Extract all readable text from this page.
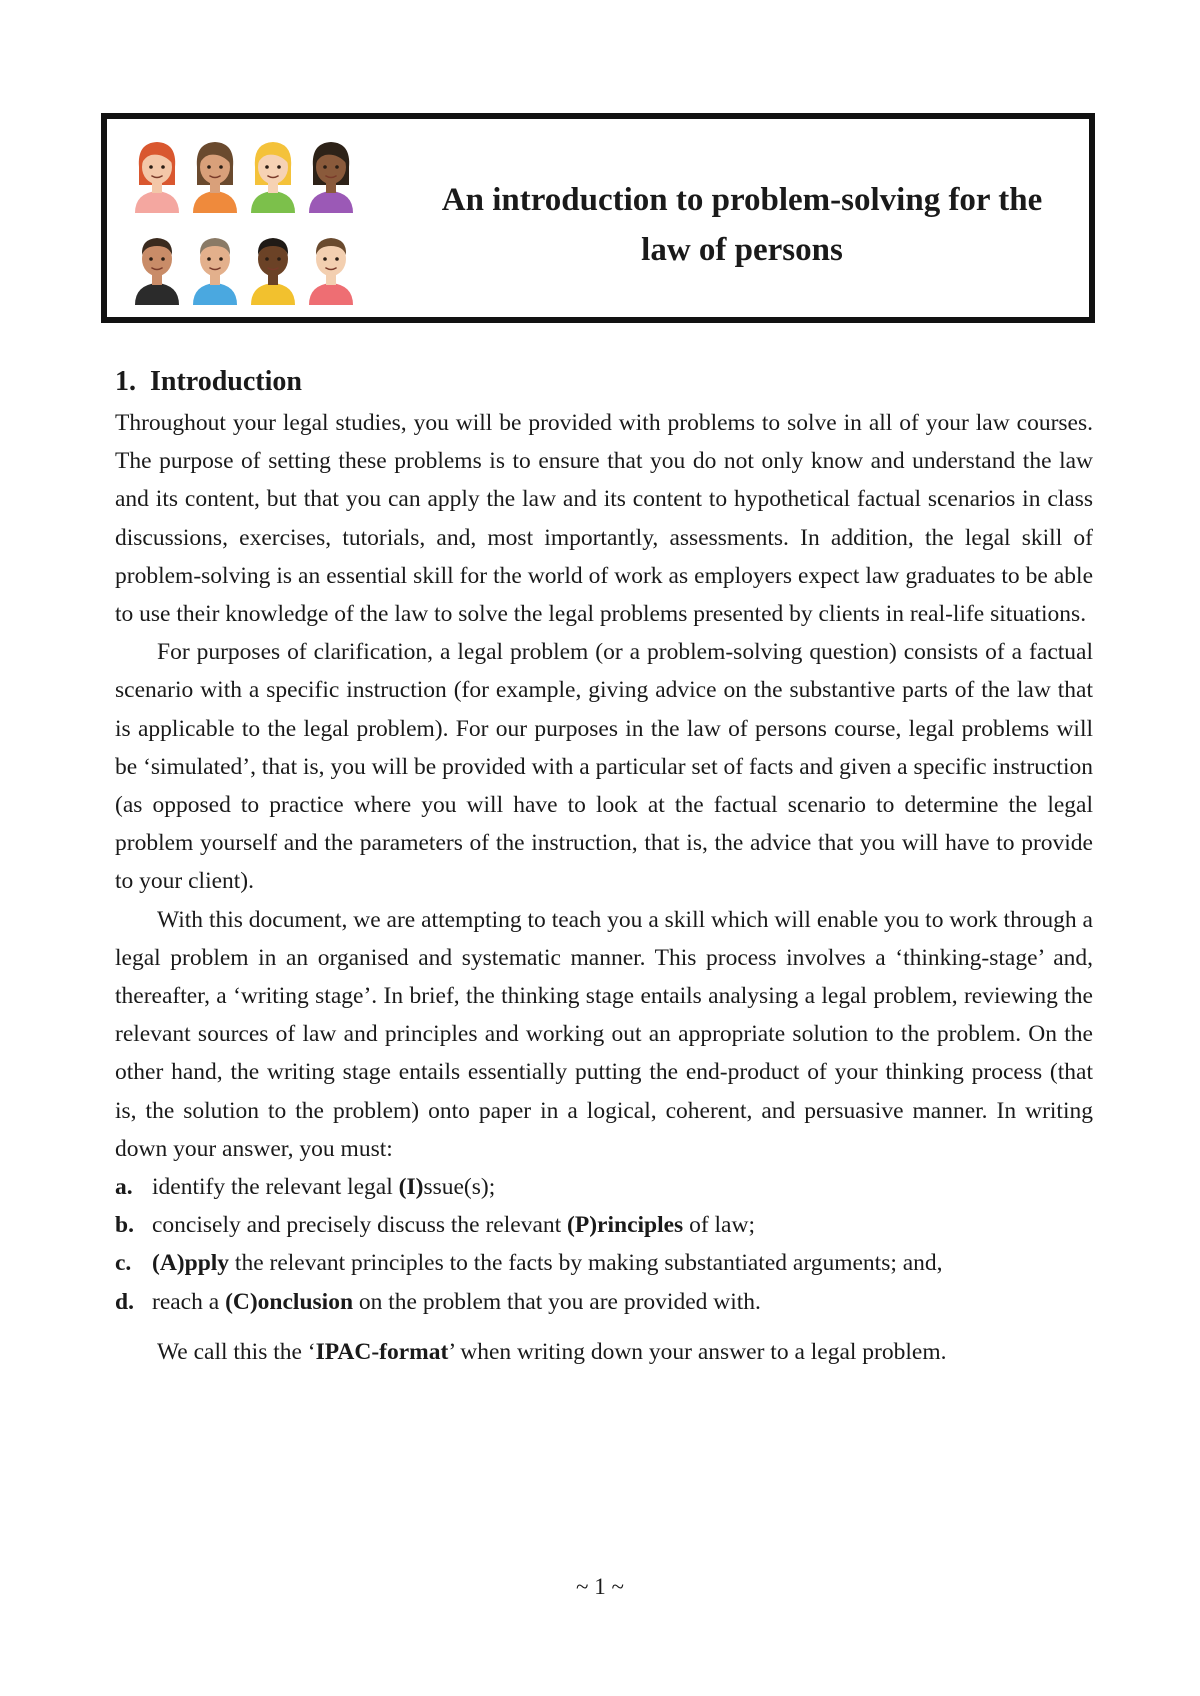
An introduction to problem-solving for the
law of persons
1. Introduction

Throughout your legal studies, you will be provided with problems to solve in all of your law courses. The purpose of setting these problems is to ensure that you do not only know and understand the law and its content, but that you can apply the law and its content to hypothetical factual scenarios in class discussions, exercises, tutorials, and, most importantly, assessments. In addition, the legal skill of problem-solving is an essential skill for the world of work as employers expect law graduates to be able to use their knowledge of the law to solve the legal problems presented by clients in real-life situations.

For purposes of clarification, a legal problem (or a problem-solving question) consists of a factual scenario with a specific instruction (for example, giving advice on the substantive parts of the law that is applicable to the legal problem). For our purposes in the law of persons course, legal problems will be ‘simulated’, that is, you will be provided with a particular set of facts and given a specific instruction (as opposed to practice where you will have to look at the factual scenario to determine the legal problem yourself and the parameters of the instruction, that is, the advice that you will have to provide to your client).

With this document, we are attempting to teach you a skill which will enable you to work through a legal problem in an organised and systematic manner. This process involves a ‘thinking-stage’ and, thereafter, a ‘writing stage’. In brief, the thinking stage entails analysing a legal problem, reviewing the relevant sources of law and principles and working out an appropriate solution to the problem. On the other hand, the writing stage entails essentially putting the end-product of your thinking process (that is, the solution to the problem) onto paper in a logical, coherent, and persuasive manner. In writing down your answer, you must:

a. identify the relevant legal (I)ssue(s);
b. concisely and precisely discuss the relevant (P)rinciples of law;
c. (A)pply the relevant principles to the facts by making substantiated arguments; and,
d. reach a (C)onclusion on the problem that you are provided with.

We call this the ‘IPAC-format’ when writing down your answer to a legal problem.

~ 1 ~
